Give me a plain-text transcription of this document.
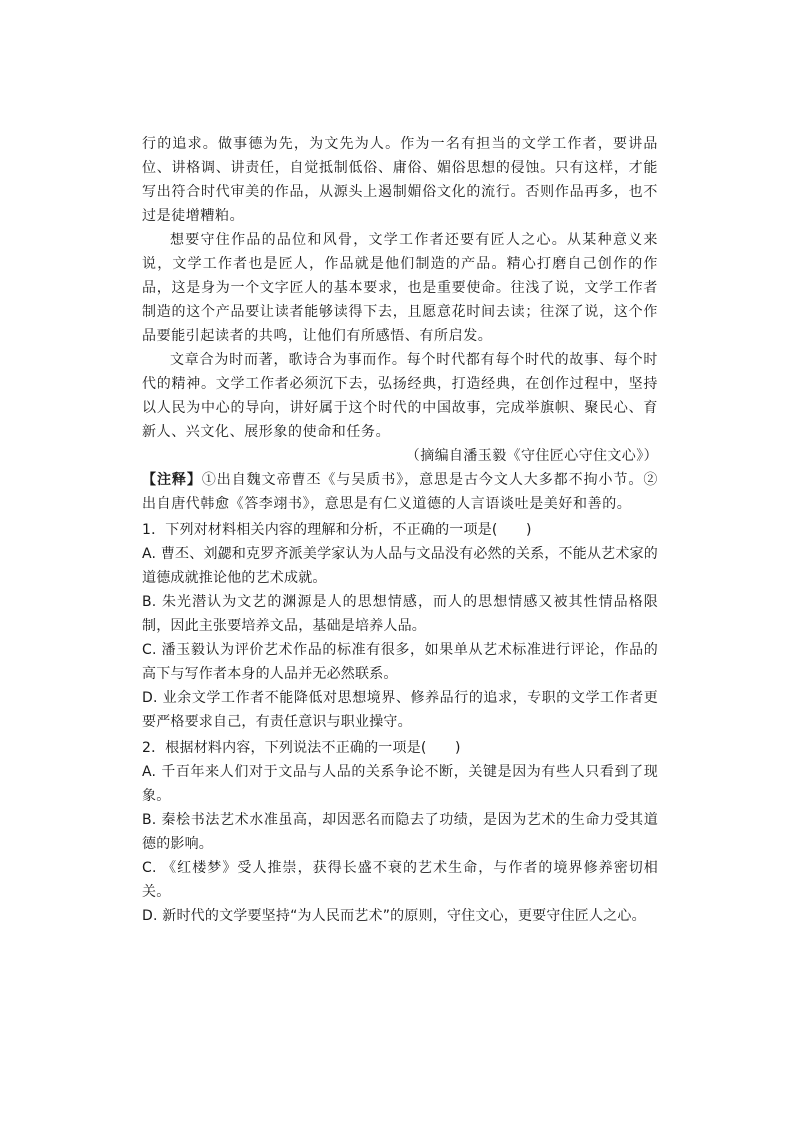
行的追求。做事德为先，为文先为人。作为一名有担当的文学工作者，要讲品位、讲格调、讲责任，自觉抵制低俗、庸俗、媚俗思想的侵蚀。只有这样，才能写出符合时代审美的作品，从源头上遏制媚俗文化的流行。否则作品再多，也不过是徒增糟粕。

想要守住作品的品位和风骨，文学工作者还要有匠人之心。从某种意义来说，文学工作者也是匠人，作品就是他们制造的产品。精心打磨自己创作的作品，这是身为一个文字匠人的基本要求，也是重要使命。往浅了说，文学工作者制造的这个产品要让读者能够读得下去，且愿意花时间去读；往深了说，这个作品要能引起读者的共鸣，让他们有所感悟、有所启发。

文章合为时而著，歌诗合为事而作。每个时代都有每个时代的故事、每个时代的精神。文学工作者必须沉下去，弘扬经典，打造经典，在创作过程中，坚持以人民为中心的导向，讲好属于这个时代的中国故事，完成举旗帜、聚民心、育新人、兴文化、展形象的使命和任务。

（摘编自潘玉毅《守住匠心守住文心》）

【注释】①出自魏文帝曹丕《与吴质书》，意思是古今文人大多都不拘小节。②出自唐代韩愈《答李翊书》，意思是有仁义道德的人言语谈吐是美好和善的。

1．下列对材料相关内容的理解和分析，不正确的一项是(　　)

A. 曹丕、刘勰和克罗齐派美学家认为人品与文品没有必然的关系，不能从艺术家的道德成就推论他的艺术成就。

B. 朱光潜认为文艺的渊源是人的思想情感，而人的思想情感又被其性情品格限制，因此主张要培养文品，基础是培养人品。

C. 潘玉毅认为评价艺术作品的标准有很多，如果单从艺术标准进行评论，作品的高下与写作者本身的人品并无必然联系。

D. 业余文学工作者不能降低对思想境界、修养品行的追求，专职的文学工作者更要严格要求自己，有责任意识与职业操守。

2．根据材料内容，下列说法不正确的一项是(　　)

A. 千百年来人们对于文品与人品的关系争论不断，关键是因为有些人只看到了现象。

B. 秦桧书法艺术水准虽高，却因恶名而隐去了功绩，是因为艺术的生命力受其道德的影响。

C. 《红楼梦》受人推崇，获得长盛不衰的艺术生命，与作者的境界修养密切相关。

D. 新时代的文学要坚持“为人民而艺术”的原则，守住文心，更要守住匠人之心。
